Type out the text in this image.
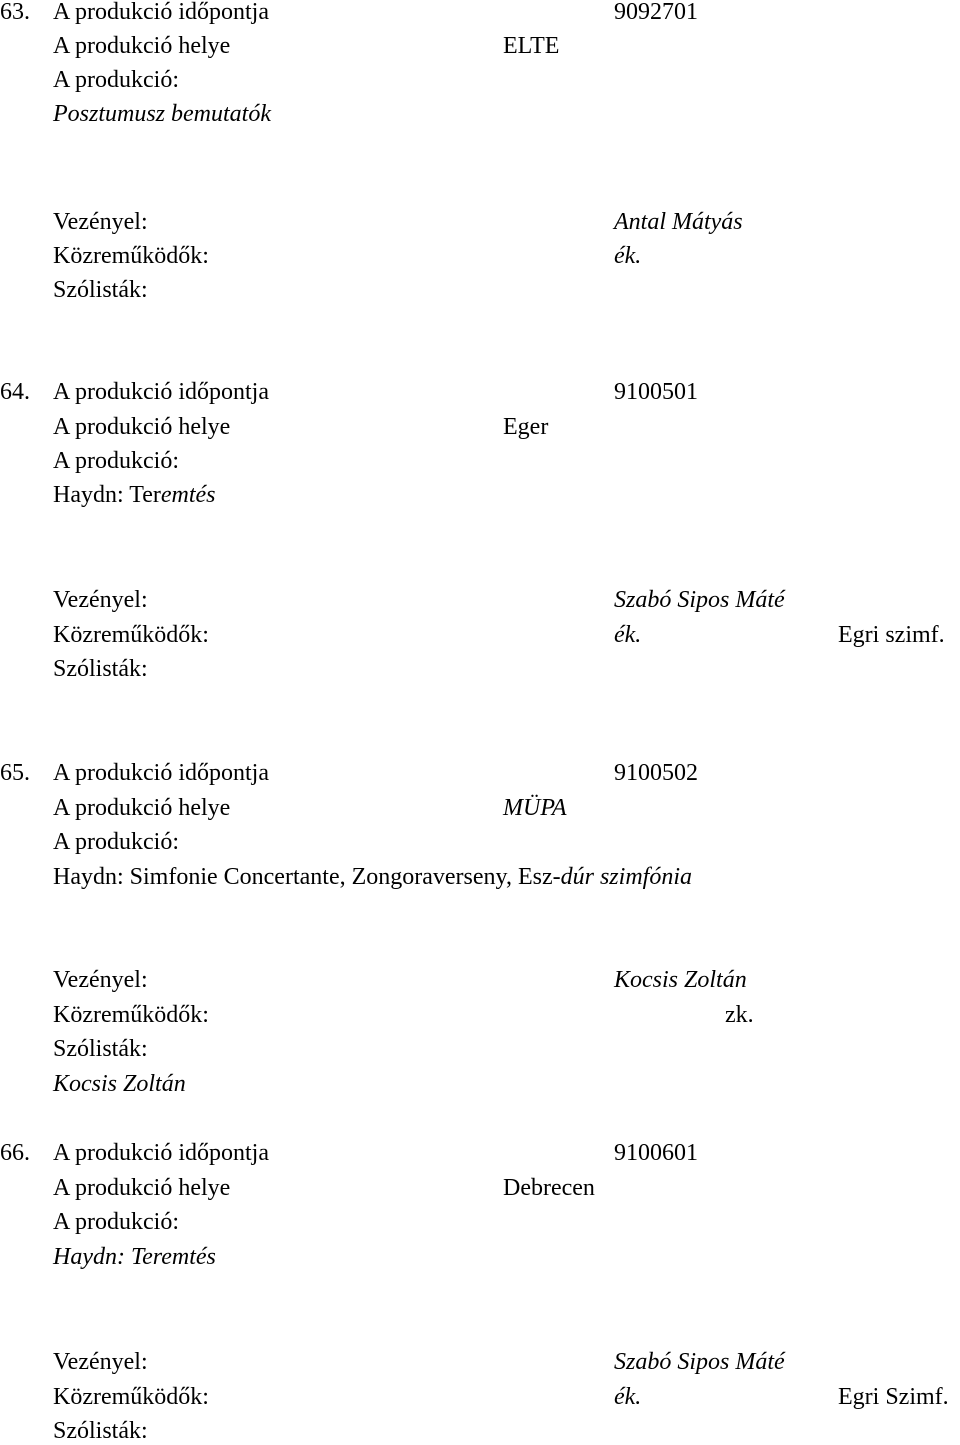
63. A produkció időpontja	9092701
A produkció helye	ELTE
A produkció:
Posztumusz bemutatók
Vezényel:	Antal Mátyás
Közreműködők:	ék.
Szólisták:
64. A produkció időpontja	9100501
A produkció helye	Eger
A produkció:
Haydn: Teremtés
Vezényel:	Szabó Sipos Máté
Közreműködők:	ék.	Egri szimf.
Szólisták:
65. A produkció időpontja	9100502
A produkció helye	MÜPA
A produkció:
Haydn: Simfonie Concertante, Zongoraverseny, Esz-dúr szimfónia
Vezényel:	Kocsis Zoltán
Közreműködők:	zk.
Szólisták:
Kocsis Zoltán
66. A produkció időpontja	9100601
A produkció helye	Debrecen
A produkció:
Haydn: Teremtés
Vezényel:	Szabó Sipos Máté
Közreműködők:	ék.	Egri Szimf.
Szólisták:
